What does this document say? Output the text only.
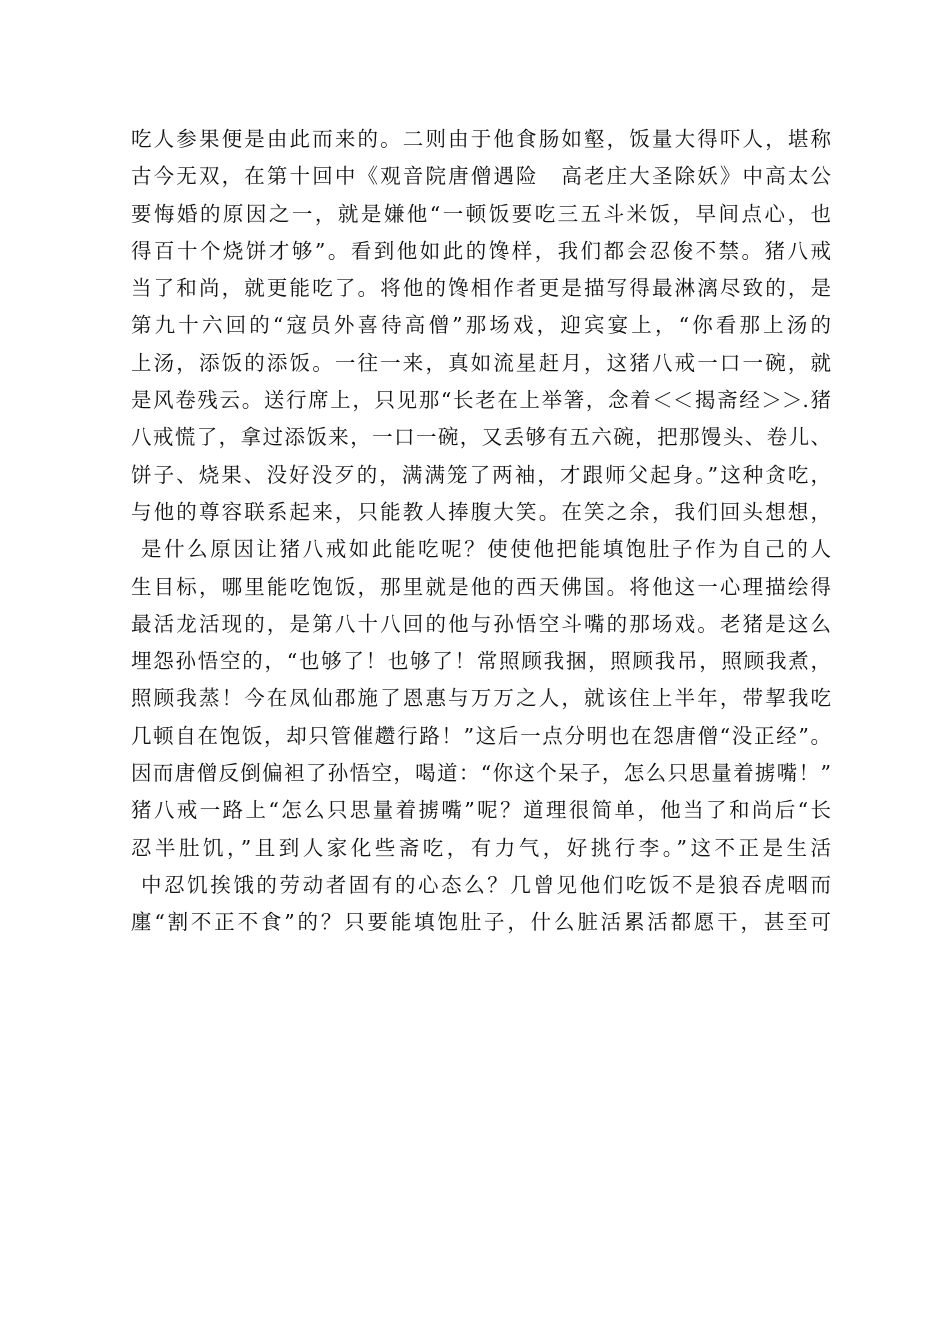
吃人参果便是由此而来的。二则由于他食肠如壑，饭量大得吓人，堪称
古今无双，在第十回中《观音院唐僧遇险　高老庄大圣除妖》中高太公
要悔婚的原因之一，就是嫌他“一顿饭要吃三五斗米饭，早间点心，也
得百十个烧饼才够”。看到他如此的馋样，我们都会忍俊不禁。猪八戒
当了和尚，就更能吃了。将他的馋相作者更是描写得最淋漓尽致的，是
第九十六回的“寇员外喜待高僧”那场戏，迎宾宴上，“你看那上汤的
上汤，添饭的添饭。一往一来，真如流星赶月，这猪八戒一口一碗，就
是风卷残云。送行席上，只见那“长老在上举箸，念着＜＜揭斋经＞＞.猪
八戒慌了，拿过添饭来，一口一碗，又丢够有五六碗，把那馒头、卷儿、
饼子、烧果、没好没歹的，满满笼了两袖，才跟师父起身。”这种贪吃，
与他的尊容联系起来，只能教人捧腹大笑。在笑之余，我们回头想想，
是什么原因让猪八戒如此能吃呢？使使他把能填饱肚子作为自己的人
生目标，哪里能吃饱饭，那里就是他的西天佛国。将他这一心理描绘得
最活龙活现的，是第八十八回的他与孙悟空斗嘴的那场戏。老猪是这么
埋怨孙悟空的，“也够了！也够了！常照顾我捆，照顾我吊，照顾我煮，
照顾我蒸！今在凤仙郡施了恩惠与万万之人，就该住上半年，带挈我吃
几顿自在饱饭，却只管催趱行路！”这后一点分明也在怨唐僧“没正经”。
因而唐僧反倒偏袒了孙悟空，喝道：“你这个呆子，怎么只思量着掳嘴！”
猪八戒一路上“怎么只思量着掳嘴”呢？道理很简单，他当了和尚后“长
忍半肚饥，”且到人家化些斋吃，有力气，好挑行李。”这不正是生活
中忍饥挨饿的劳动者固有的心态么？几曾见他们吃饭不是狼吞虎咽而
廛“割不正不食”的？只要能填饱肚子，什么脏活累活都愿干，甚至可
